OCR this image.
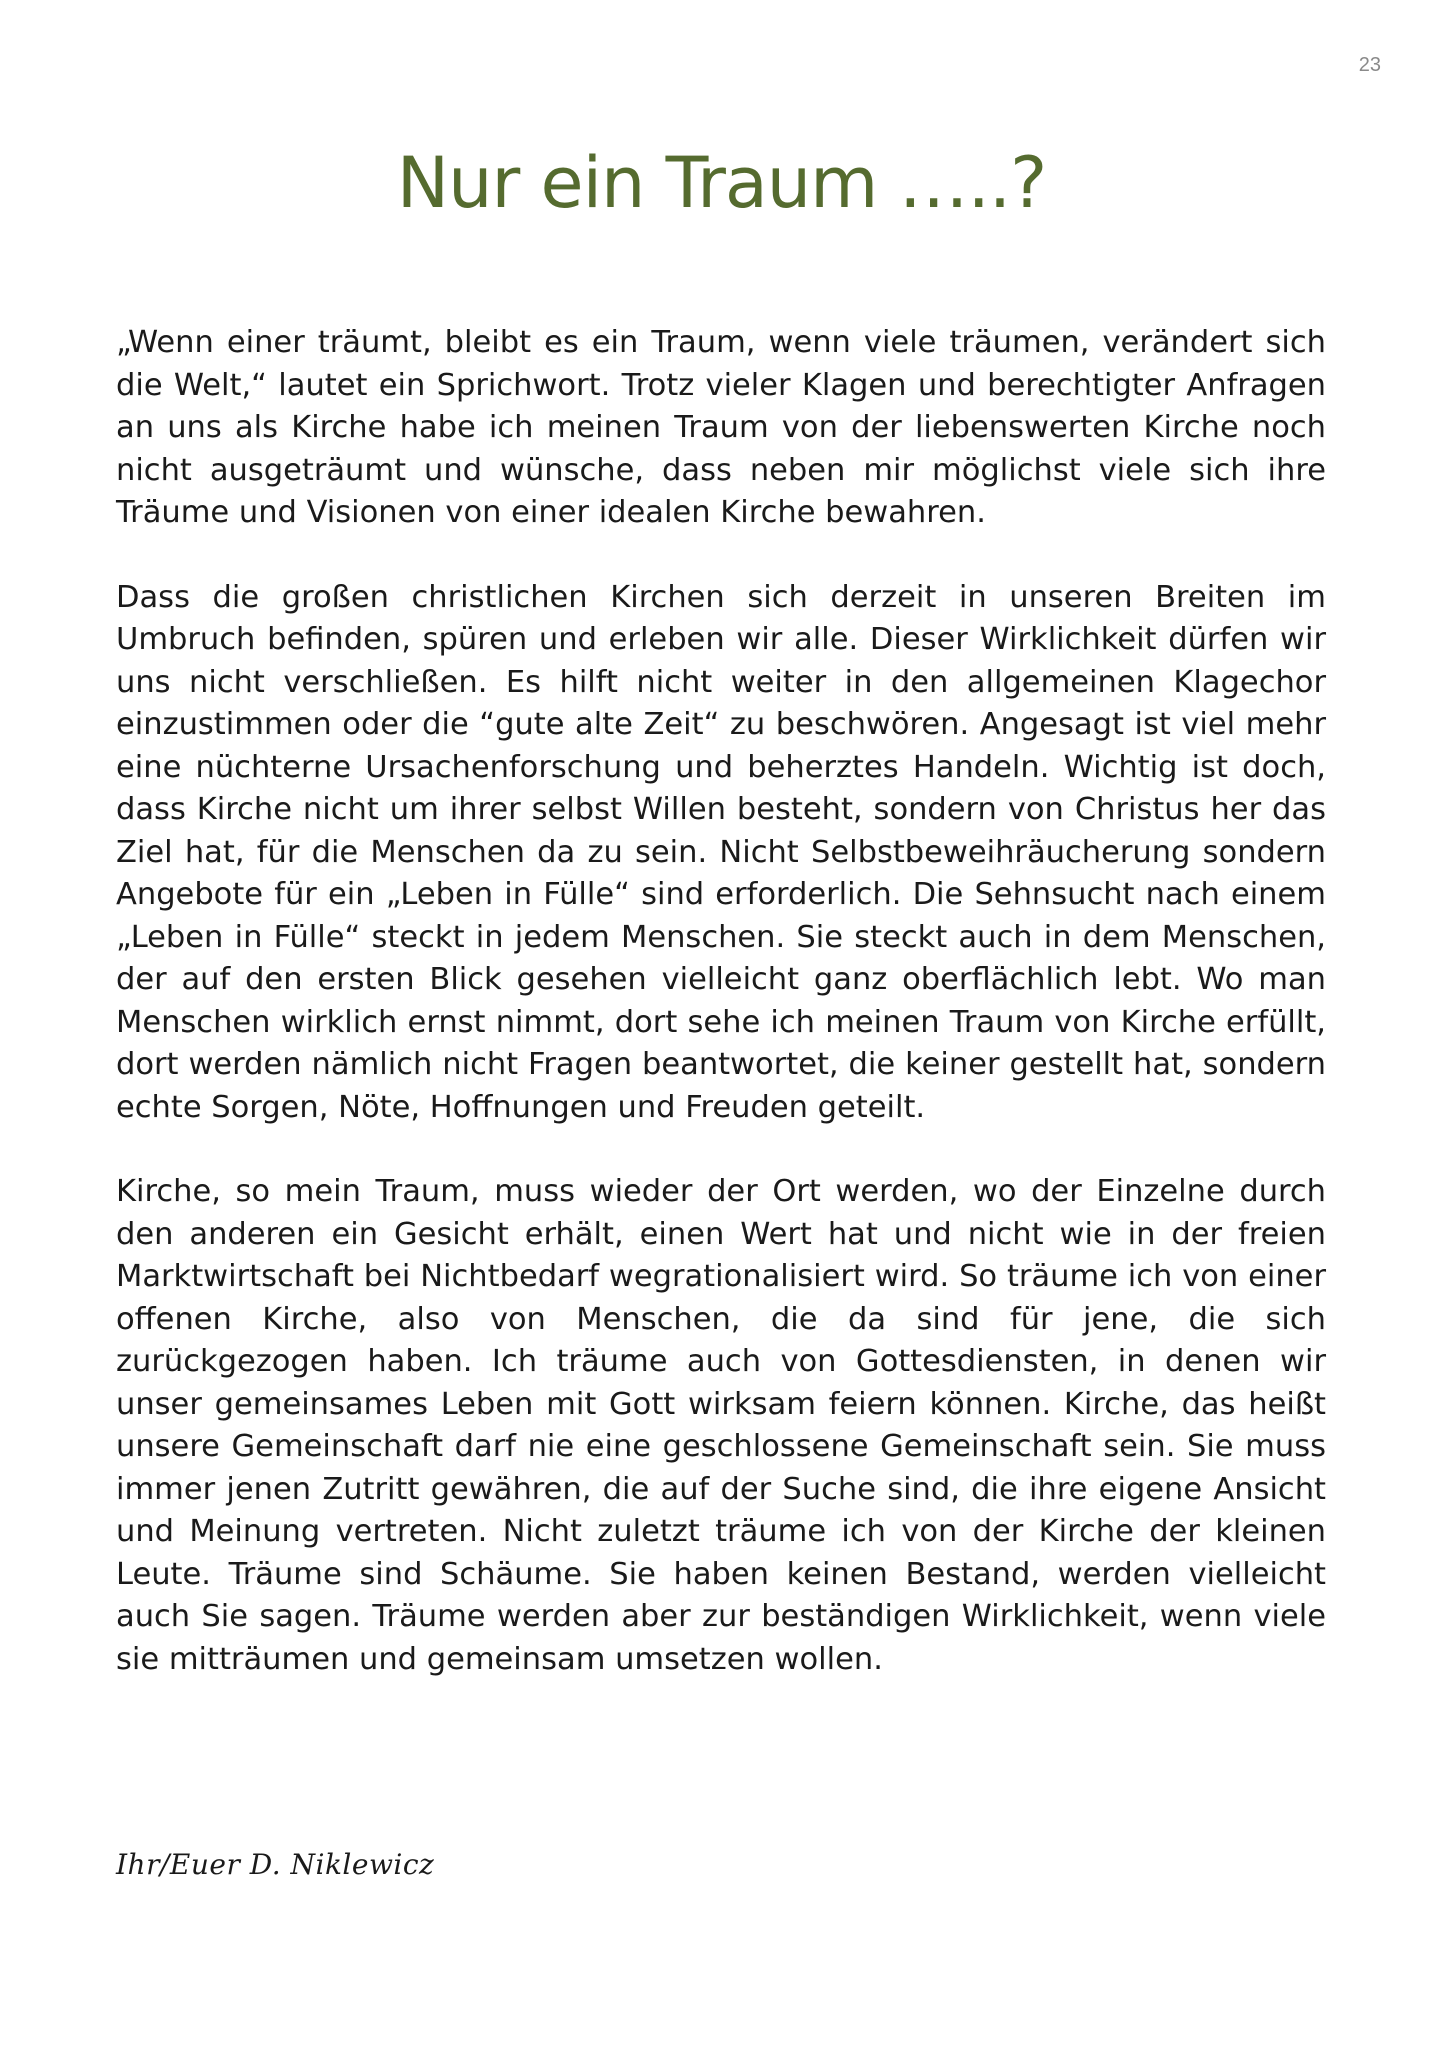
23
Nur ein Traum …..?

„Wenn einer träumt, bleibt es ein Traum, wenn viele träumen, verändert sich die Welt,“ lautet ein Sprichwort. Trotz vieler Klagen und berechtigter Anfragen an uns als Kirche habe ich meinen Traum von der liebenswerten Kirche noch nicht ausgeträumt und wünsche, dass neben mir möglichst viele sich ihre Träume und Visionen von einer idealen Kirche bewahren.

Dass die großen christlichen Kirchen sich derzeit in unseren Breiten im Umbruch befinden, spüren und erleben wir alle. Dieser Wirklichkeit dürfen wir uns nicht verschließen. Es hilft nicht weiter in den allgemeinen Klagechor einzustimmen oder die “gute alte Zeit“ zu beschwören. Angesagt ist viel mehr eine nüchterne Ursachenforschung und beherztes Handeln. Wichtig ist doch, dass Kirche nicht um ihrer selbst Willen besteht, sondern von Christus her das Ziel hat, für die Menschen da zu sein. Nicht Selbstbeweihräucherung sondern Angebote für ein „Leben in Fülle“ sind erforderlich. Die Sehnsucht nach einem „Leben in Fülle“ steckt in jedem Menschen. Sie steckt auch in dem Menschen, der auf den ersten Blick gesehen vielleicht ganz oberflächlich lebt. Wo man Menschen wirklich ernst nimmt, dort sehe ich meinen Traum von Kirche erfüllt, dort werden nämlich nicht Fragen beantwortet, die keiner gestellt hat, sondern echte Sorgen, Nöte, Hoffnungen und Freuden geteilt.

Kirche, so mein Traum, muss wieder der Ort werden, wo der Einzelne durch den anderen ein Gesicht erhält, einen Wert hat und nicht wie in der freien Marktwirtschaft bei Nichtbedarf wegrationalisiert wird. So träume ich von einer offenen Kirche, also von Menschen, die da sind für jene, die sich zurückgezogen haben. Ich träume auch von Gottesdiensten, in denen wir unser gemeinsames Leben mit Gott wirksam feiern können. Kirche, das heißt unsere Gemeinschaft darf nie eine geschlossene Gemeinschaft sein. Sie muss immer jenen Zutritt gewähren, die auf der Suche sind, die ihre eigene Ansicht und Meinung vertreten. Nicht zuletzt träume ich von der Kirche der kleinen Leute. Träume sind Schäume. Sie haben keinen Bestand, werden vielleicht auch Sie sagen. Träume werden aber zur beständigen Wirklichkeit, wenn viele sie mitträumen und gemeinsam umsetzen wollen.

Ihr/Euer D. Niklewicz
